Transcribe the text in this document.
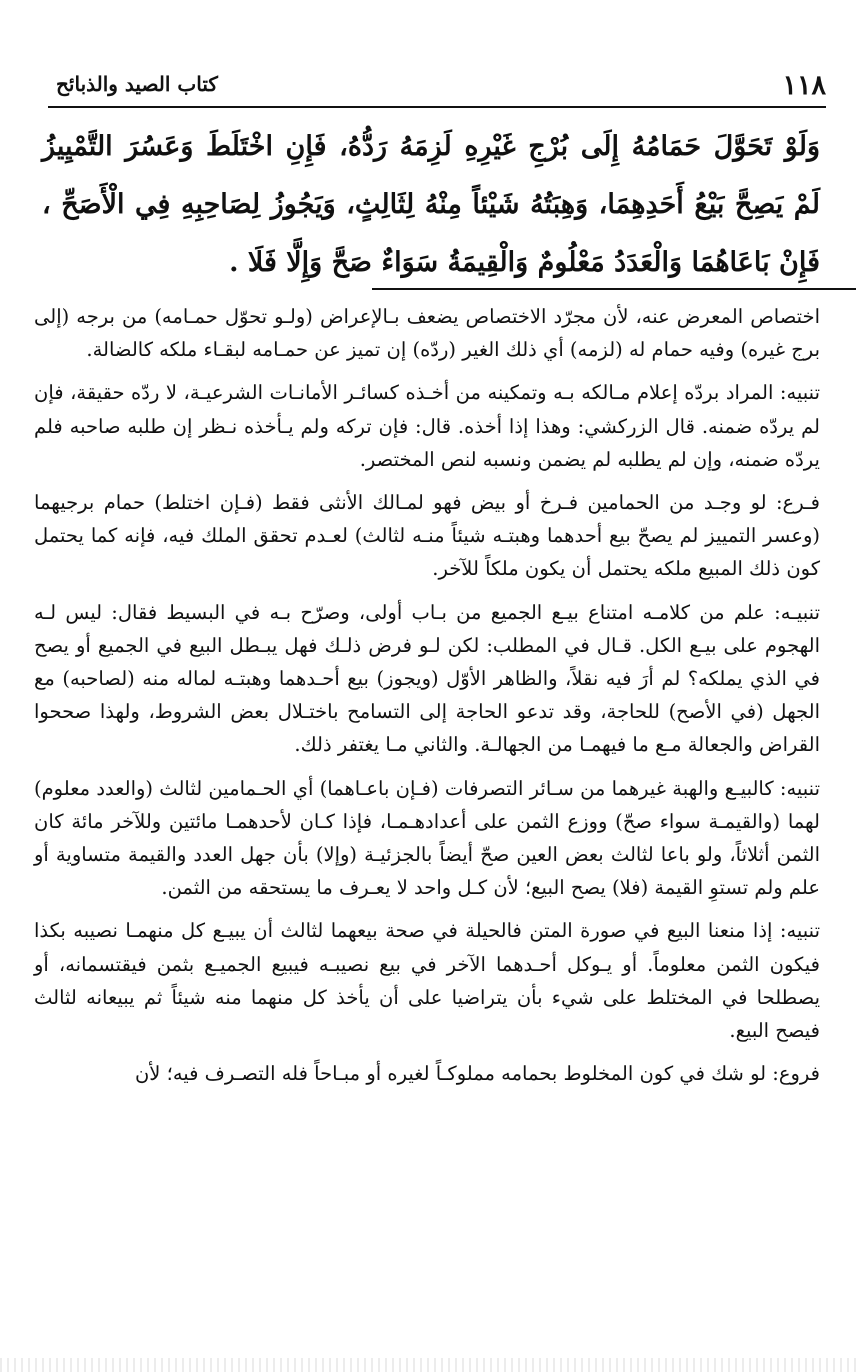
١١٨
كتاب الصيد والذبائح
وَلَوْ تَحَوَّلَ حَمَامُهُ إِلَى بُرْجِ غَيْرِهِ لَزِمَهُ رَدُّهُ، فَإِنِ اخْتَلَطَ وَعَسُرَ التَّمْيِيزُ لَمْ يَصِحَّ بَيْعُ أَحَدِهِمَا، وَهِبَتُهُ شَيْئاً مِنْهُ لِثَالِثٍ، وَيَجُوزُ لِصَاحِبِهِ فِي الْأَصَحِّ ، فَإِنْ بَاعَاهُمَا وَالْعَدَدُ مَعْلُومٌ وَالْقِيمَةُ سَوَاءٌ صَحَّ وَإِلَّا فَلَا .

اختصاص المعرض عنه، لأن مجرّد الاختصاص يضعف بـالإعراض (ولـو تحوّل حمـامه) من برجه (إلى برج غيره) وفيه حمام له (لزمه) أي ذلك الغير (ردّه) إن تميز عن حمـامه لبقـاء ملكه كالضالة.

تنبيه: المراد بردّه إعلام مـالكه بـه وتمكينه من أخـذه كسائـر الأمانـات الشرعيـة، لا ردّه حقيقة، فإن لم يردّه ضمنه. قال الزركشي: وهذا إذا أخذه. قال: فإن تركه ولم يـأخذه نـظر إن طلبه صاحبه فلم يردّه ضمنه، وإن لم يطلبه لم يضمن ونسبه لنص المختصر.

فـرع: لو وجـد من الحمامين فـرخ أو بيض فهو لمـالك الأنثى فقط (فـإن اختلط) حمام برجيهما (وعسر التمييز لم يصحّ بيع أحدهما وهبتـه شيئاً منـه لثالث) لعـدم تحقق الملك فيه، فإنه كما يحتمل كون ذلك المبيع ملكه يحتمل أن يكون ملكاً للآخر.

تنبيـه: علم من كلامـه امتناع بيـع الجميع من بـاب أولى، وصرّح بـه في البسيط فقال: ليس لـه الهجوم على بيـع الكل. قـال في المطلب: لكن لـو فرض ذلـك فهل يبـطل البيع في الجميع أو يصح في الذي يملكه؟ لم أرَ فيه نقلاً، والظاهر الأوّل (ويجوز) بيع أحـدهما وهبتـه لماله منه (لصاحبه) مع الجهل (في الأصح) للحاجة، وقد تدعو الحاجة إلى التسامح باختـلال بعض الشروط، ولهذا صححوا القراض والجعالة مـع ما فيهمـا من الجهالـة. والثاني مـا يغتفر ذلك.

تنبيه: كالبيـع والهبة غيرهما من سـائر التصرفات (فـإن باعـاهما) أي الحـمامين لثالث (والعدد معلوم) لهما (والقيمـة سواء صحّ) ووزع الثمن على أعدادهـمـا، فإذا كـان لأحدهمـا مائتين وللآخر مائة كان الثمن أثلاثاً، ولو باعا لثالث بعض العين صحّ أيضاً بالجزئيـة (وإلا) بأن جهل العدد والقيمة متساوية أو علم ولم تستوِ القيمة (فلا) يصح البيع؛ لأن كـل واحد لا يعـرف ما يستحقه من الثمن.

تنبيه: إذا منعنا البيع في صورة المتن فالحيلة في صحة بيعهما لثالث أن يبيـع كل منهمـا نصيبه بكذا فيكون الثمن معلوماً. أو يـوكل أحـدهما الآخر في بيع نصيبـه فيبيع الجميـع بثمن فيقتسمانه، أو يصطلحا في المختلط على شيء بأن يتراضيا على أن يأخذ كل منهما منه شيئاً ثم يبيعانه لثالث فيصح البيع.

فروع: لو شك في كون المخلوط بحمامه مملوكـاً لغيره أو مبـاحاً فله التصـرف فيه؛ لأن
